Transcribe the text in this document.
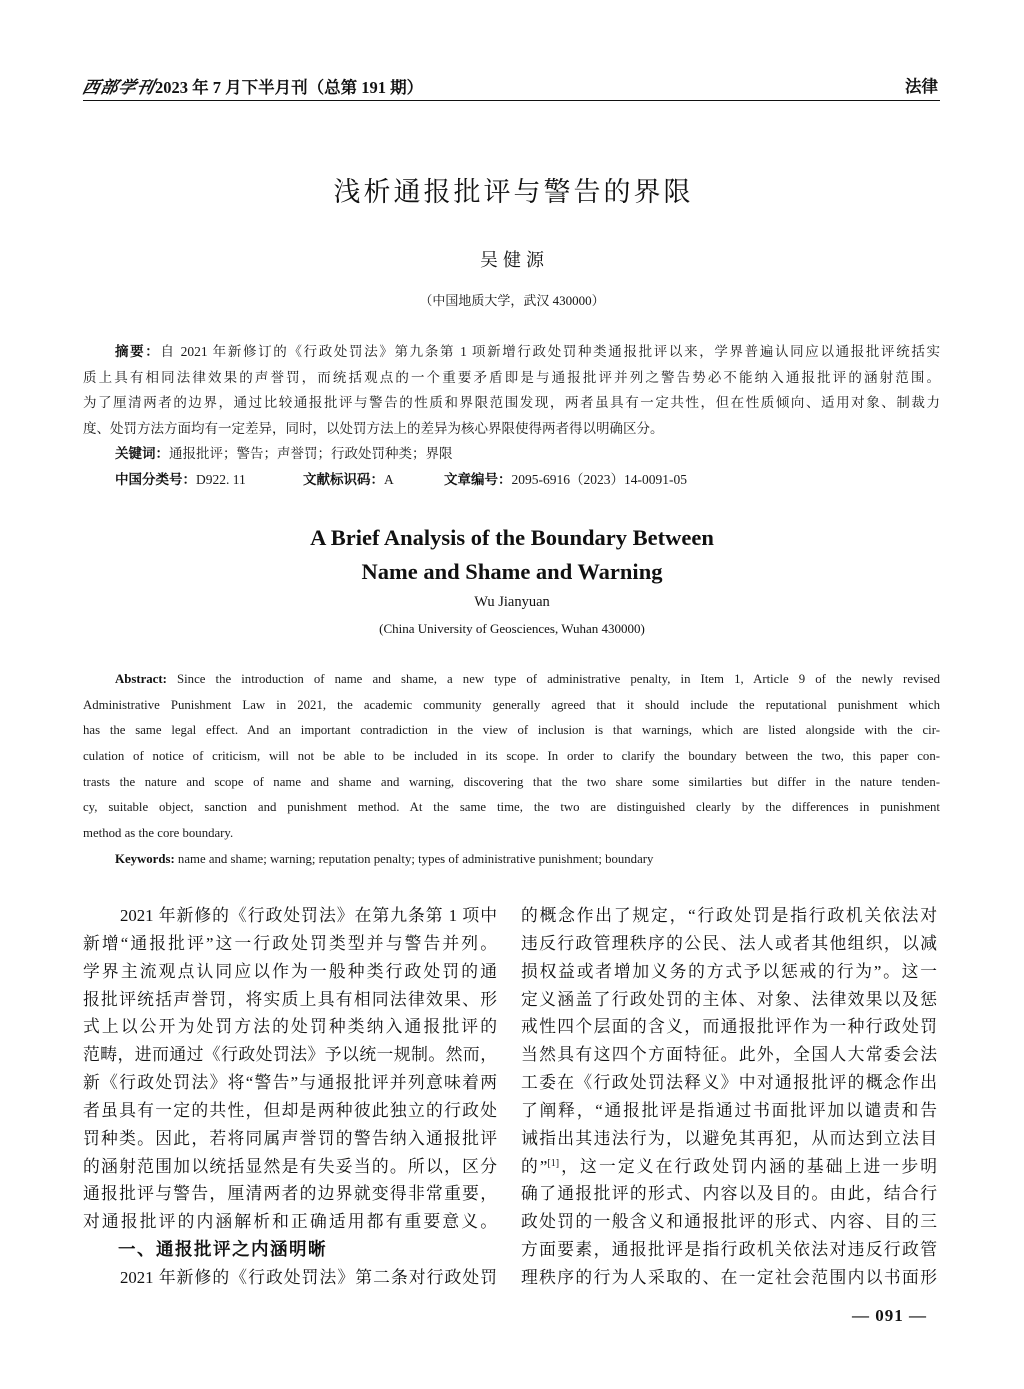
西部学刊2023 年 7 月下半月刊（总第 191 期）	法律
浅析通报批评与警告的界限
吴健源
（中国地质大学，武汉 430000）
摘要：自 2021 年新修订的《行政处罚法》第九条第 1 项新增行政处罚种类通报批评以来，学界普遍认同应以通报批评统括实
质上具有相同法律效果的声誉罚，而统括观点的一个重要矛盾即是与通报批评并列之警告势必不能纳入通报批评的涵射范围。
为了厘清两者的边界，通过比较通报批评与警告的性质和界限范围发现，两者虽具有一定共性，但在性质倾向、适用对象、制裁力
度、处罚方法方面均有一定差异，同时，以处罚方法上的差异为核心界限使得两者得以明确区分。
关键词：通报批评；警告；声誉罚；行政处罚种类；界限
中国分类号：D922. 11	文献标识码：A	文章编号：2095-6916（2023）14-0091-05
A Brief Analysis of the Boundary Between
Name and Shame and Warning
Wu Jianyuan
(China University of Geosciences, Wuhan 430000)
Abstract: Since the introduction of name and shame, a new type of administrative penalty, in Item 1, Article 9 of the newly revised
Administrative Punishment Law in 2021, the academic community generally agreed that it should include the reputational punishment which
has the same legal effect. And an important contradiction in the view of inclusion is that warnings, which are listed alongside with the cir-
culation of notice of criticism, will not be able to be included in its scope. In order to clarify the boundary between the two, this paper con-
trasts the nature and scope of name and shame and warning, discovering that the two share some similarties but differ in the nature tenden-
cy, suitable object, sanction and punishment method. At the same time, the two are distinguished clearly by the differences in punishment
method as the core boundary.
Keywords: name and shame; warning; reputation penalty; types of administrative punishment; boundary
2021 年新修的《行政处罚法》在第九条第 1 项中
新增“通报批评”这一行政处罚类型并与警告并列。
学界主流观点认同应以作为一般种类行政处罚的通
报批评统括声誉罚，将实质上具有相同法律效果、形
式上以公开为处罚方法的处罚种类纳入通报批评的
范畴，进而通过《行政处罚法》予以统一规制。然而，
新《行政处罚法》将“警告”与通报批评并列意味着两
者虽具有一定的共性，但却是两种彼此独立的行政处
罚种类。因此，若将同属声誉罚的警告纳入通报批评
的涵射范围加以统括显然是有失妥当的。所以，区分
通报批评与警告，厘清两者的边界就变得非常重要，
对通报批评的内涵解析和正确适用都有重要意义。
一、通报批评之内涵明晰
2021 年新修的《行政处罚法》第二条对行政处罚
的概念作出了规定，“行政处罚是指行政机关依法对
违反行政管理秩序的公民、法人或者其他组织，以减
损权益或者增加义务的方式予以惩戒的行为”。这一
定义涵盖了行政处罚的主体、对象、法律效果以及惩
戒性四个层面的含义，而通报批评作为一种行政处罚
当然具有这四个方面特征。此外，全国人大常委会法
工委在《行政处罚法释义》中对通报批评的概念作出
了阐释，“通报批评是指通过书面批评加以谴责和告
诫指出其违法行为，以避免其再犯，从而达到立法目
的”[1]，这一定义在行政处罚内涵的基础上进一步明
确了通报批评的形式、内容以及目的。由此，结合行
政处罚的一般含义和通报批评的形式、内容、目的三
方面要素，通报批评是指行政机关依法对违反行政管
理秩序的行为人采取的、在一定社会范围内以书面形
— 091 —
